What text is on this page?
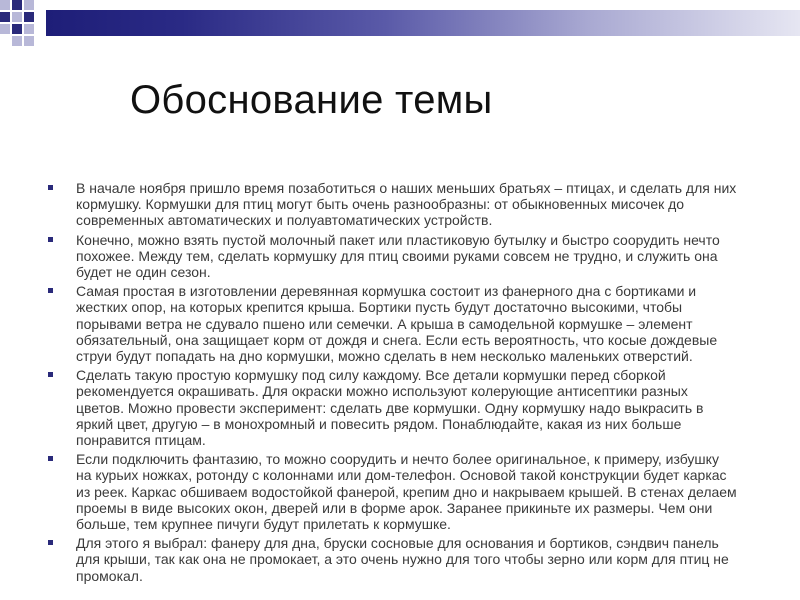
Обоснование темы
В начале ноября пришло время позаботиться о наших меньших братьях – птицах, и сделать для них кормушку. Кормушки для птиц могут быть очень разнообразны: от обыкновенных мисочек до современных автоматических и полуавтоматических устройств.
Конечно, можно взять пустой молочный пакет или пластиковую бутылку и быстро соорудить нечто похожее. Между тем, сделать кормушку для птиц своими руками совсем не трудно, и служить она будет не один сезон.
Самая простая в изготовлении деревянная кормушка состоит из фанерного дна с бортиками и жестких опор, на которых крепится крыша. Бортики пусть будут достаточно высокими, чтобы порывами ветра не сдувало пшено или семечки. А крыша в самодельной кормушке – элемент обязательный, она защищает корм от дождя и снега. Если есть вероятность, что косые дождевые струи будут попадать на дно кормушки, можно сделать в нем несколько маленьких отверстий.
Сделать такую простую кормушку под силу каждому. Все детали кормушки перед сборкой рекомендуется окрашивать. Для окраски можно используют колерующие антисептики разных цветов. Можно провести эксперимент: сделать две кормушки. Одну кормушку надо выкрасить в яркий цвет, другую – в монохромный и повесить рядом. Понаблюдайте, какая из них больше понравится птицам.
Если подключить фантазию, то можно соорудить и нечто более оригинальное, к примеру, избушку на курьих ножках, ротонду с колоннами или дом-телефон. Основой такой конструкции будет каркас из реек. Каркас обшиваем водостойкой фанерой, крепим дно и накрываем крышей. В стенах делаем проемы в виде высоких окон, дверей или в форме арок. Заранее прикиньте их размеры. Чем они больше, тем крупнее пичуги будут прилетать к кормушке.
Для этого я выбрал: фанеру для дна, бруски сосновые для основания и бортиков, сэндвич панель для крыши, так как она не промокает, а это очень нужно для того чтобы зерно или корм для птиц не промокал.
